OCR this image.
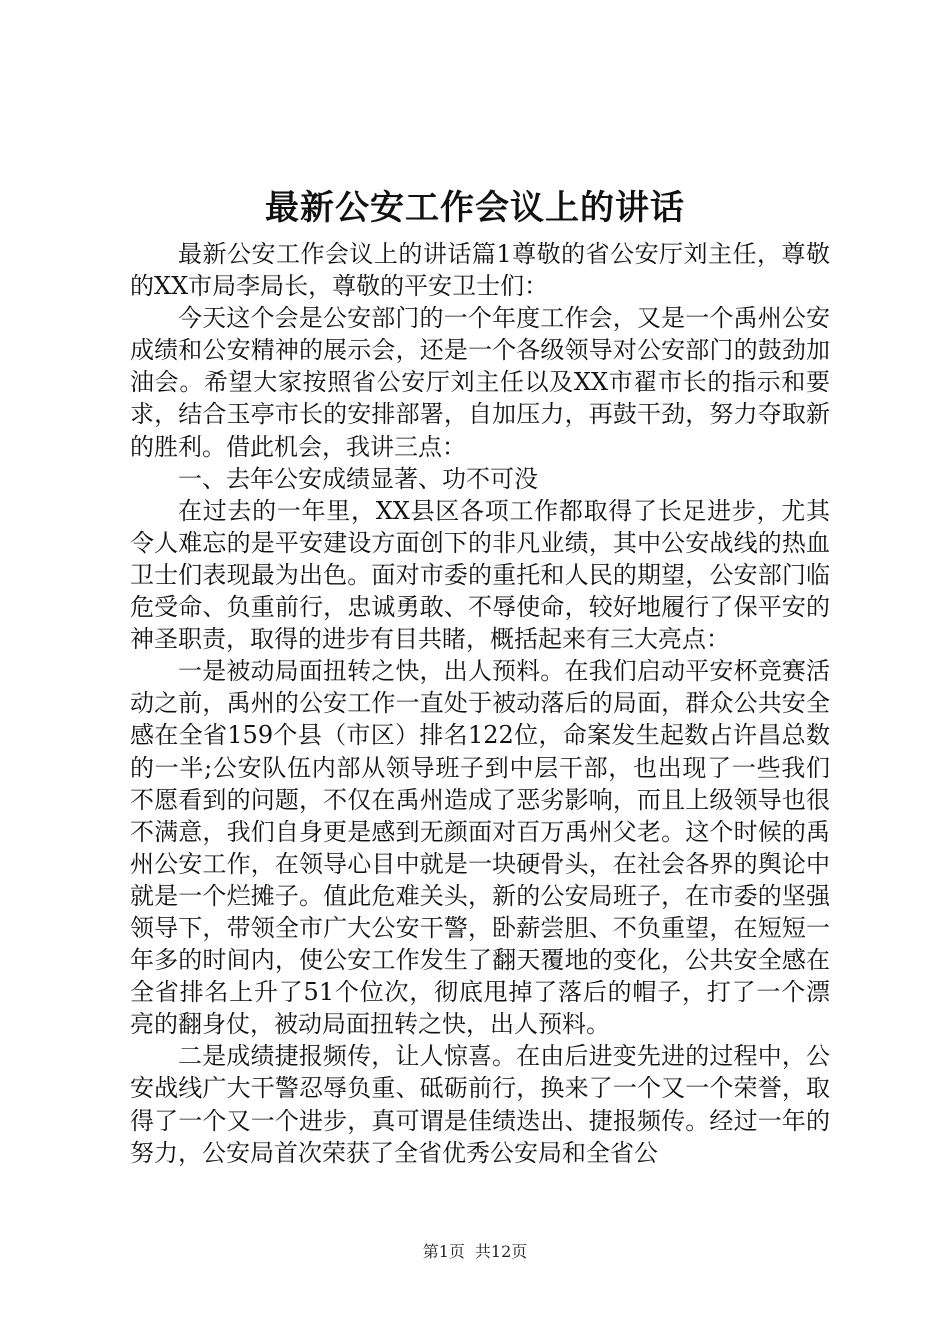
最新公安工作会议上的讲话

最新公安工作会议上的讲话篇1尊敬的省公安厅刘主任，尊敬的XX市局李局长，尊敬的平安卫士们：

今天这个会是公安部门的一个年度工作会，又是一个禹州公安成绩和公安精神的展示会，还是一个各级领导对公安部门的鼓劲加油会。希望大家按照省公安厅刘主任以及XX市翟市长的指示和要求，结合玉亭市长的安排部署，自加压力，再鼓干劲，努力夺取新的胜利。借此机会，我讲三点：

一、去年公安成绩显著、功不可没

在过去的一年里，XX县区各项工作都取得了长足进步，尤其令人难忘的是平安建设方面创下的非凡业绩，其中公安战线的热血卫士们表现最为出色。面对市委的重托和人民的期望，公安部门临危受命、负重前行，忠诚勇敢、不辱使命，较好地履行了保平安的神圣职责，取得的进步有目共睹，概括起来有三大亮点：

一是被动局面扭转之快，出人预料。在我们启动平安杯竞赛活动之前，禹州的公安工作一直处于被动落后的局面，群众公共安全感在全省159个县（市区）排名122位，命案发生起数占许昌总数的一半;公安队伍内部从领导班子到中层干部，也出现了一些我们不愿看到的问题，不仅在禹州造成了恶劣影响，而且上级领导也很不满意，我们自身更是感到无颜面对百万禹州父老。这个时候的禹州公安工作，在领导心目中就是一块硬骨头，在社会各界的舆论中就是一个烂摊子。值此危难关头，新的公安局班子，在市委的坚强领导下，带领全市广大公安干警，卧薪尝胆、不负重望，在短短一年多的时间内，使公安工作发生了翻天覆地的变化，公共安全感在全省排名上升了51个位次，彻底甩掉了落后的帽子，打了一个漂亮的翻身仗，被动局面扭转之快，出人预料。

二是成绩捷报频传，让人惊喜。在由后进变先进的过程中，公安战线广大干警忍辱负重、砥砺前行，换来了一个又一个荣誉，取得了一个又一个进步，真可谓是佳绩迭出、捷报频传。经过一年的努力，公安局首次荣获了全省优秀公安局和全省公

第1页 共12页
